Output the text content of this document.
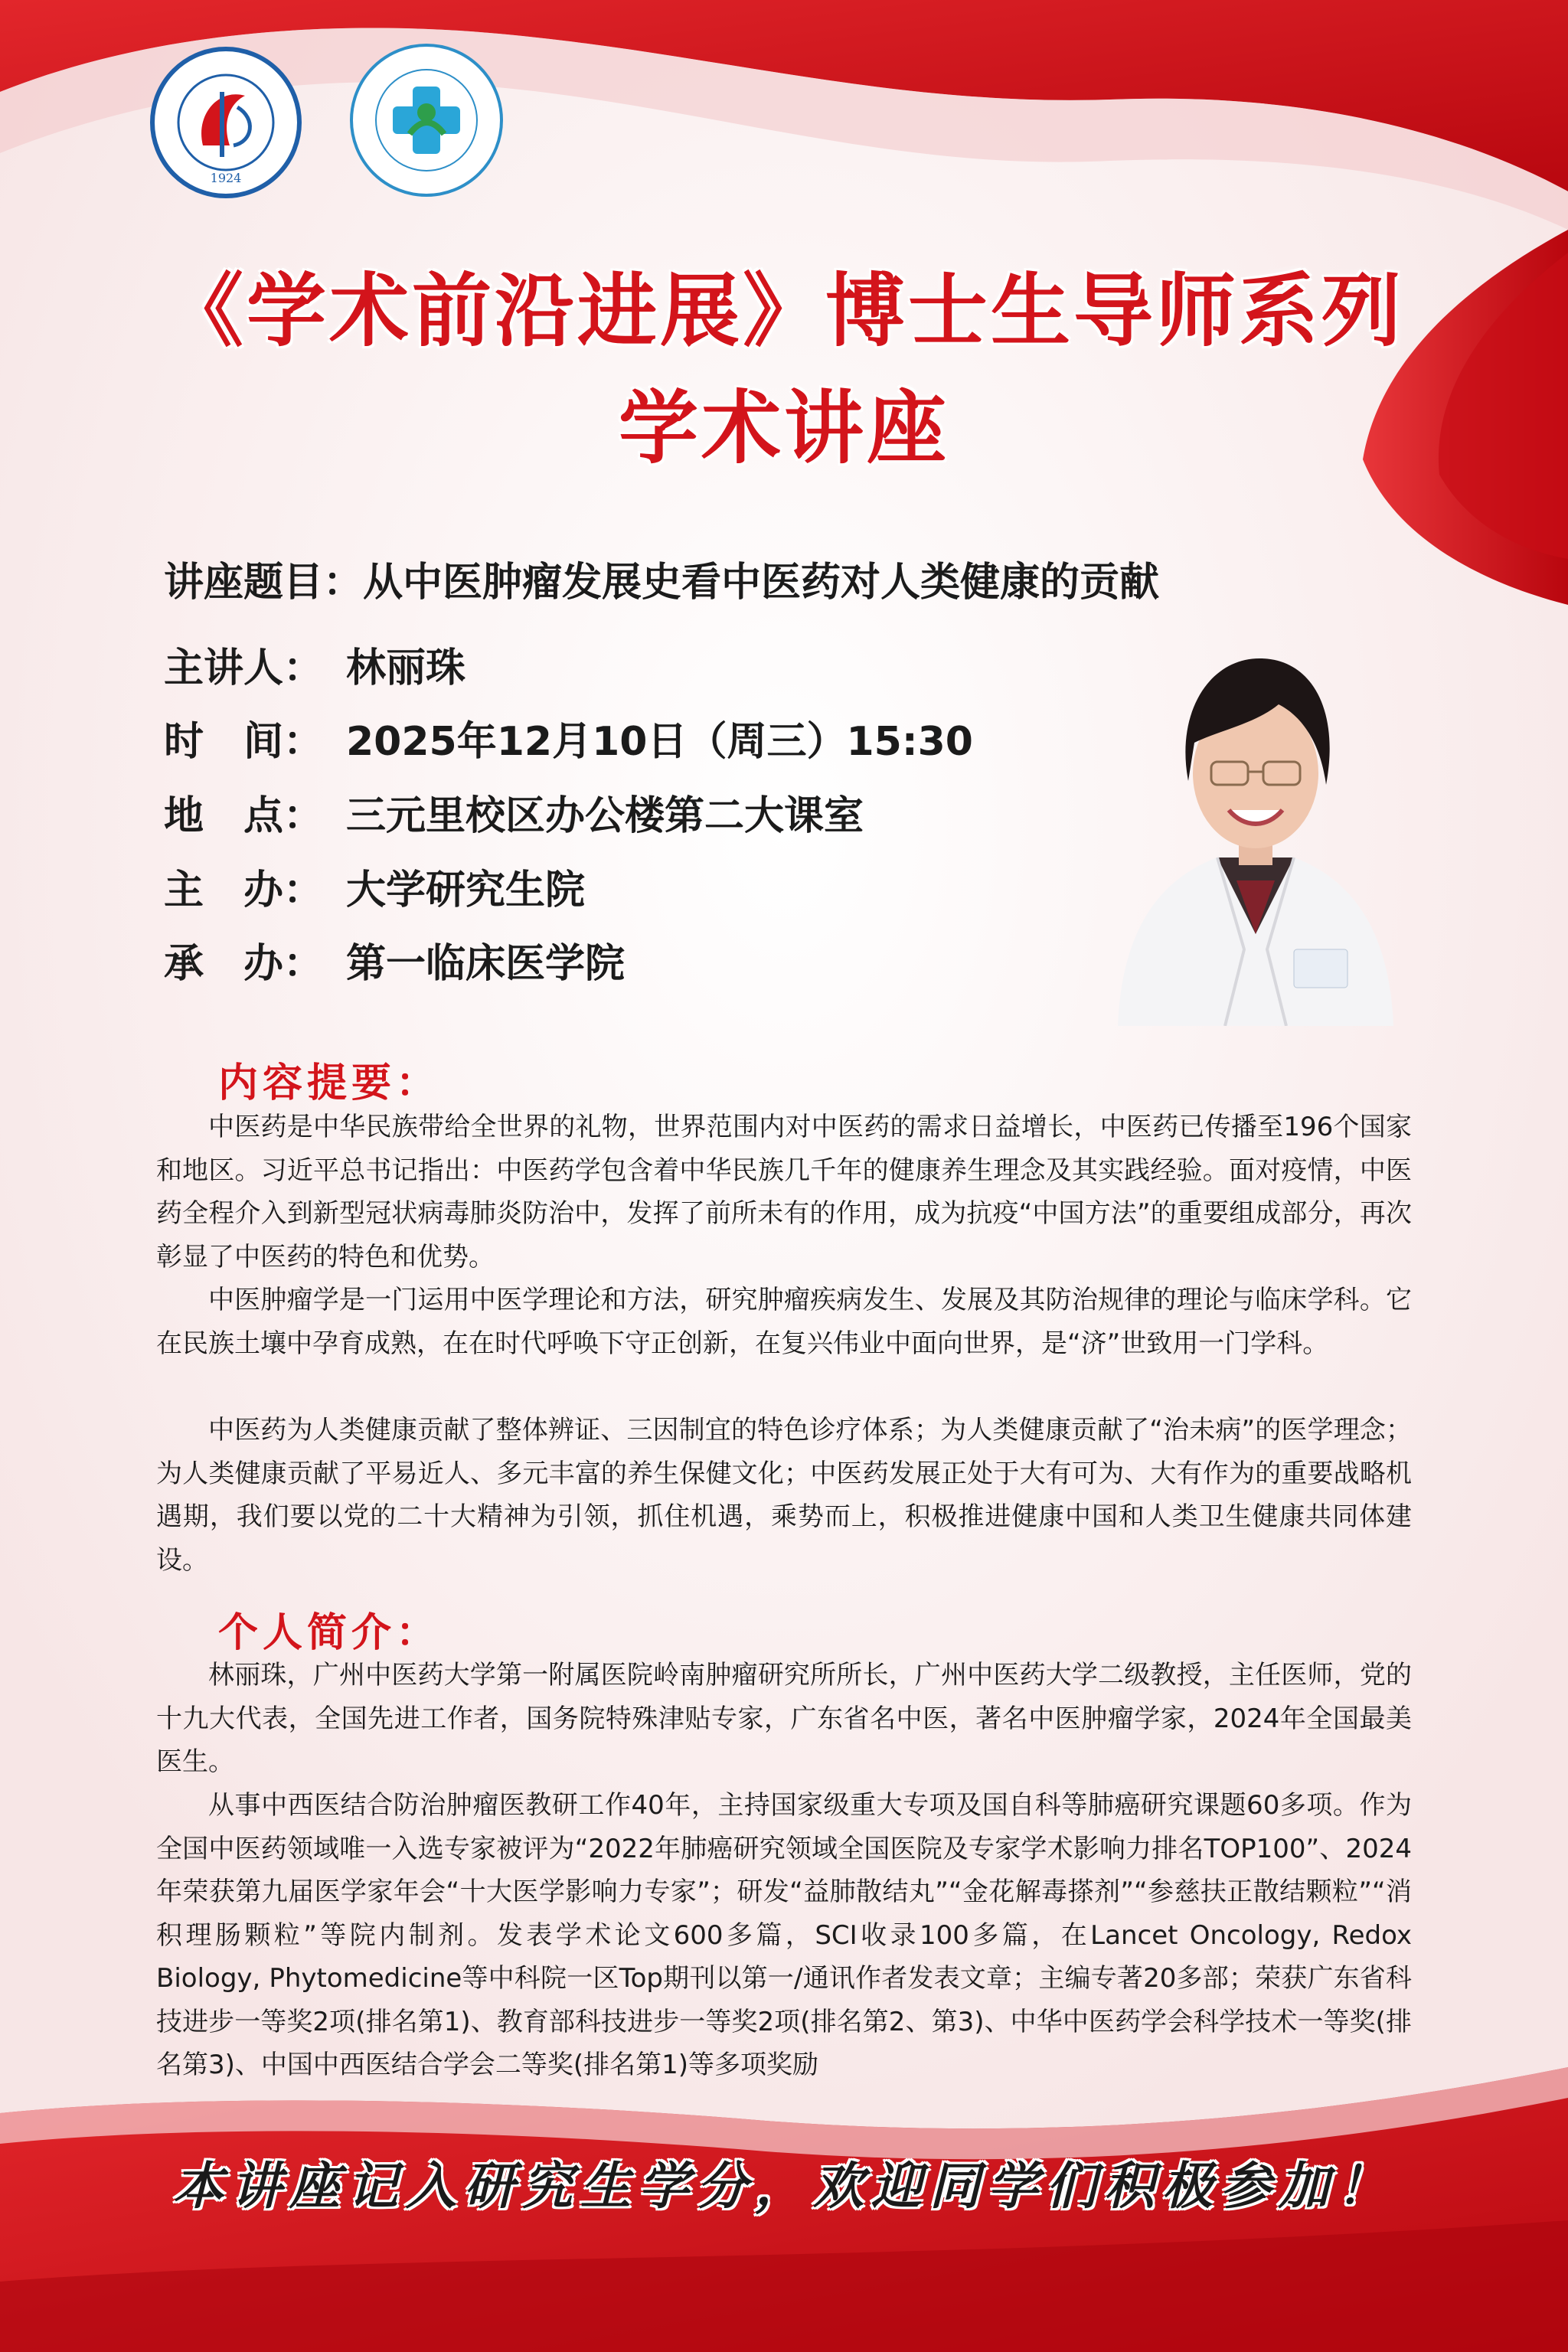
1924
《学术前沿进展》博士生导师系列
学术讲座
讲座题目：从中医肿瘤发展史看中医药对人类健康的贡献
主讲人： 林丽珠
时　间： 2025年12月10日（周三）15:30
地　点： 三元里校区办公楼第二大课室
主　办： 大学研究生院
承　办： 第一临床医学院
内容提要：
中医药是中华民族带给全世界的礼物，世界范围内对中医药的需求日益增长，中医药已传播至196个国家和地区。习近平总书记指出：中医药学包含着中华民族几千年的健康养生理念及其实践经验。面对疫情，中医药全程介入到新型冠状病毒肺炎防治中，发挥了前所未有的作用，成为抗疫“中国方法”的重要组成部分，再次彰显了中医药的特色和优势。
中医肿瘤学是一门运用中医学理论和方法，研究肿瘤疾病发生、发展及其防治规律的理论与临床学科。它在民族土壤中孕育成熟，在在时代呼唤下守正创新，在复兴伟业中面向世界，是“济”世致用一门学科。
中医药为人类健康贡献了整体辨证、三因制宜的特色诊疗体系；为人类健康贡献了“治未病”的医学理念；为人类健康贡献了平易近人、多元丰富的养生保健文化；中医药发展正处于大有可为、大有作为的重要战略机遇期，我们要以党的二十大精神为引领，抓住机遇，乘势而上，积极推进健康中国和人类卫生健康共同体建设。
个人简介：
林丽珠，广州中医药大学第一附属医院岭南肿瘤研究所所长，广州中医药大学二级教授，主任医师，党的十九大代表，全国先进工作者，国务院特殊津贴专家，广东省名中医，著名中医肿瘤学家，2024年全国最美医生。
从事中西医结合防治肿瘤医教研工作40年，主持国家级重大专项及国自科等肺癌研究课题60多项。作为全国中医药领域唯一入选专家被评为“2022年肺癌研究领域全国医院及专家学术影响力排名TOP100”、2024年荣获第九届医学家年会“十大医学影响力专家”；研发“益肺散结丸”“金花解毒搽剂”“参慈扶正散结颗粒”“消积理肠颗粒”等院内制剂。发表学术论文600多篇，SCI收录100多篇，在Lancet Oncology, Redox Biology, Phytomedicine等中科院一区Top期刊以第一/通讯作者发表文章；主编专著20多部；荣获广东省科技进步一等奖2项(排名第1)、教育部科技进步一等奖2项(排名第2、第3)、中华中医药学会科学技术一等奖(排名第3)、中国中西医结合学会二等奖(排名第1)等多项奖励
本讲座记入研究生学分，欢迎同学们积极参加！
